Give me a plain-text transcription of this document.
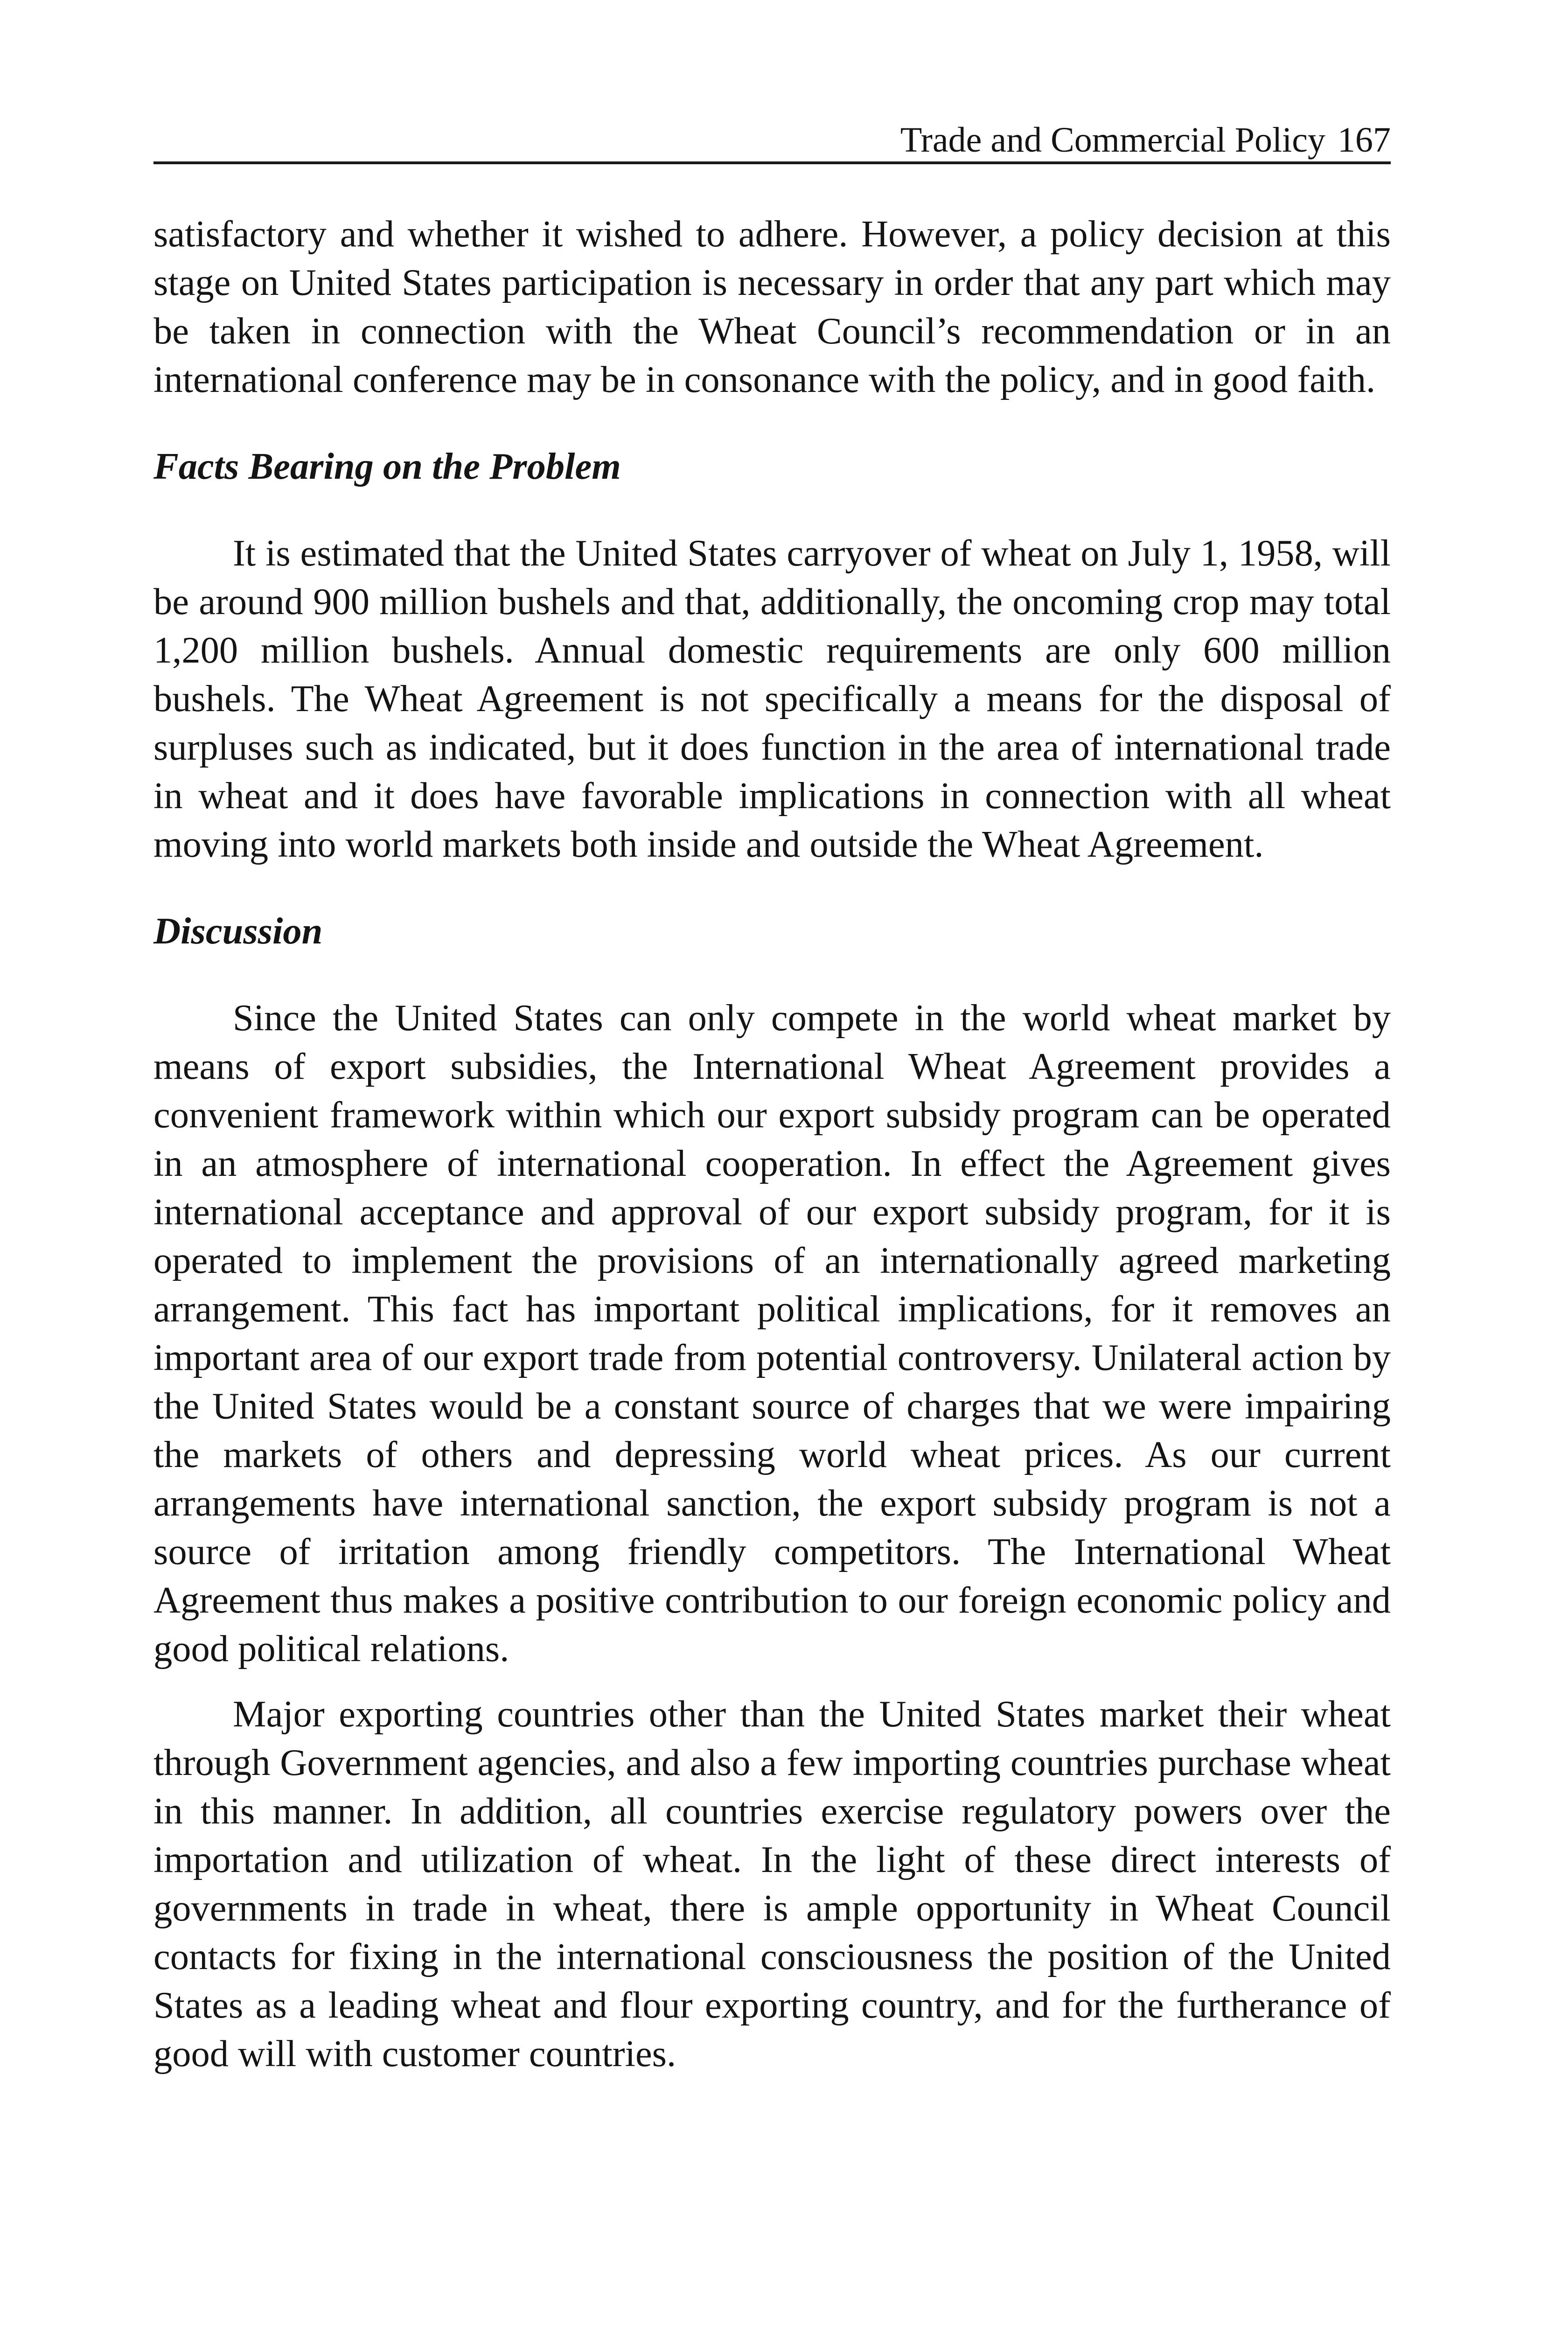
Trade and Commercial Policy 167

satisfactory and whether it wished to adhere. However, a policy decision at this stage on United States participation is necessary in order that any part which may be taken in connection with the Wheat Council’s recommendation or in an international conference may be in consonance with the policy, and in good faith.

Facts Bearing on the Problem

It is estimated that the United States carryover of wheat on July 1, 1958, will be around 900 million bushels and that, additionally, the oncoming crop may total 1,200 million bushels. Annual domestic requirements are only 600 million bushels. The Wheat Agreement is not specifically a means for the disposal of surpluses such as indicated, but it does function in the area of international trade in wheat and it does have favorable implications in connection with all wheat moving into world markets both inside and outside the Wheat Agreement.

Discussion

Since the United States can only compete in the world wheat market by means of export subsidies, the International Wheat Agreement provides a convenient framework within which our export subsidy program can be operated in an atmosphere of international cooperation. In effect the Agreement gives international acceptance and approval of our export subsidy program, for it is operated to implement the provisions of an internationally agreed marketing arrangement. This fact has important political implications, for it removes an important area of our export trade from potential controversy. Unilateral action by the United States would be a constant source of charges that we were impairing the markets of others and depressing world wheat prices. As our current arrangements have international sanction, the export subsidy program is not a source of irritation among friendly competitors. The International Wheat Agreement thus makes a positive contribution to our foreign economic policy and good political relations.

Major exporting countries other than the United States market their wheat through Government agencies, and also a few importing countries purchase wheat in this manner. In addition, all countries exercise regulatory powers over the importation and utilization of wheat. In the light of these direct interests of governments in trade in wheat, there is ample opportunity in Wheat Council contacts for fixing in the international consciousness the position of the United States as a leading wheat and flour exporting country, and for the furtherance of good will with customer countries.
